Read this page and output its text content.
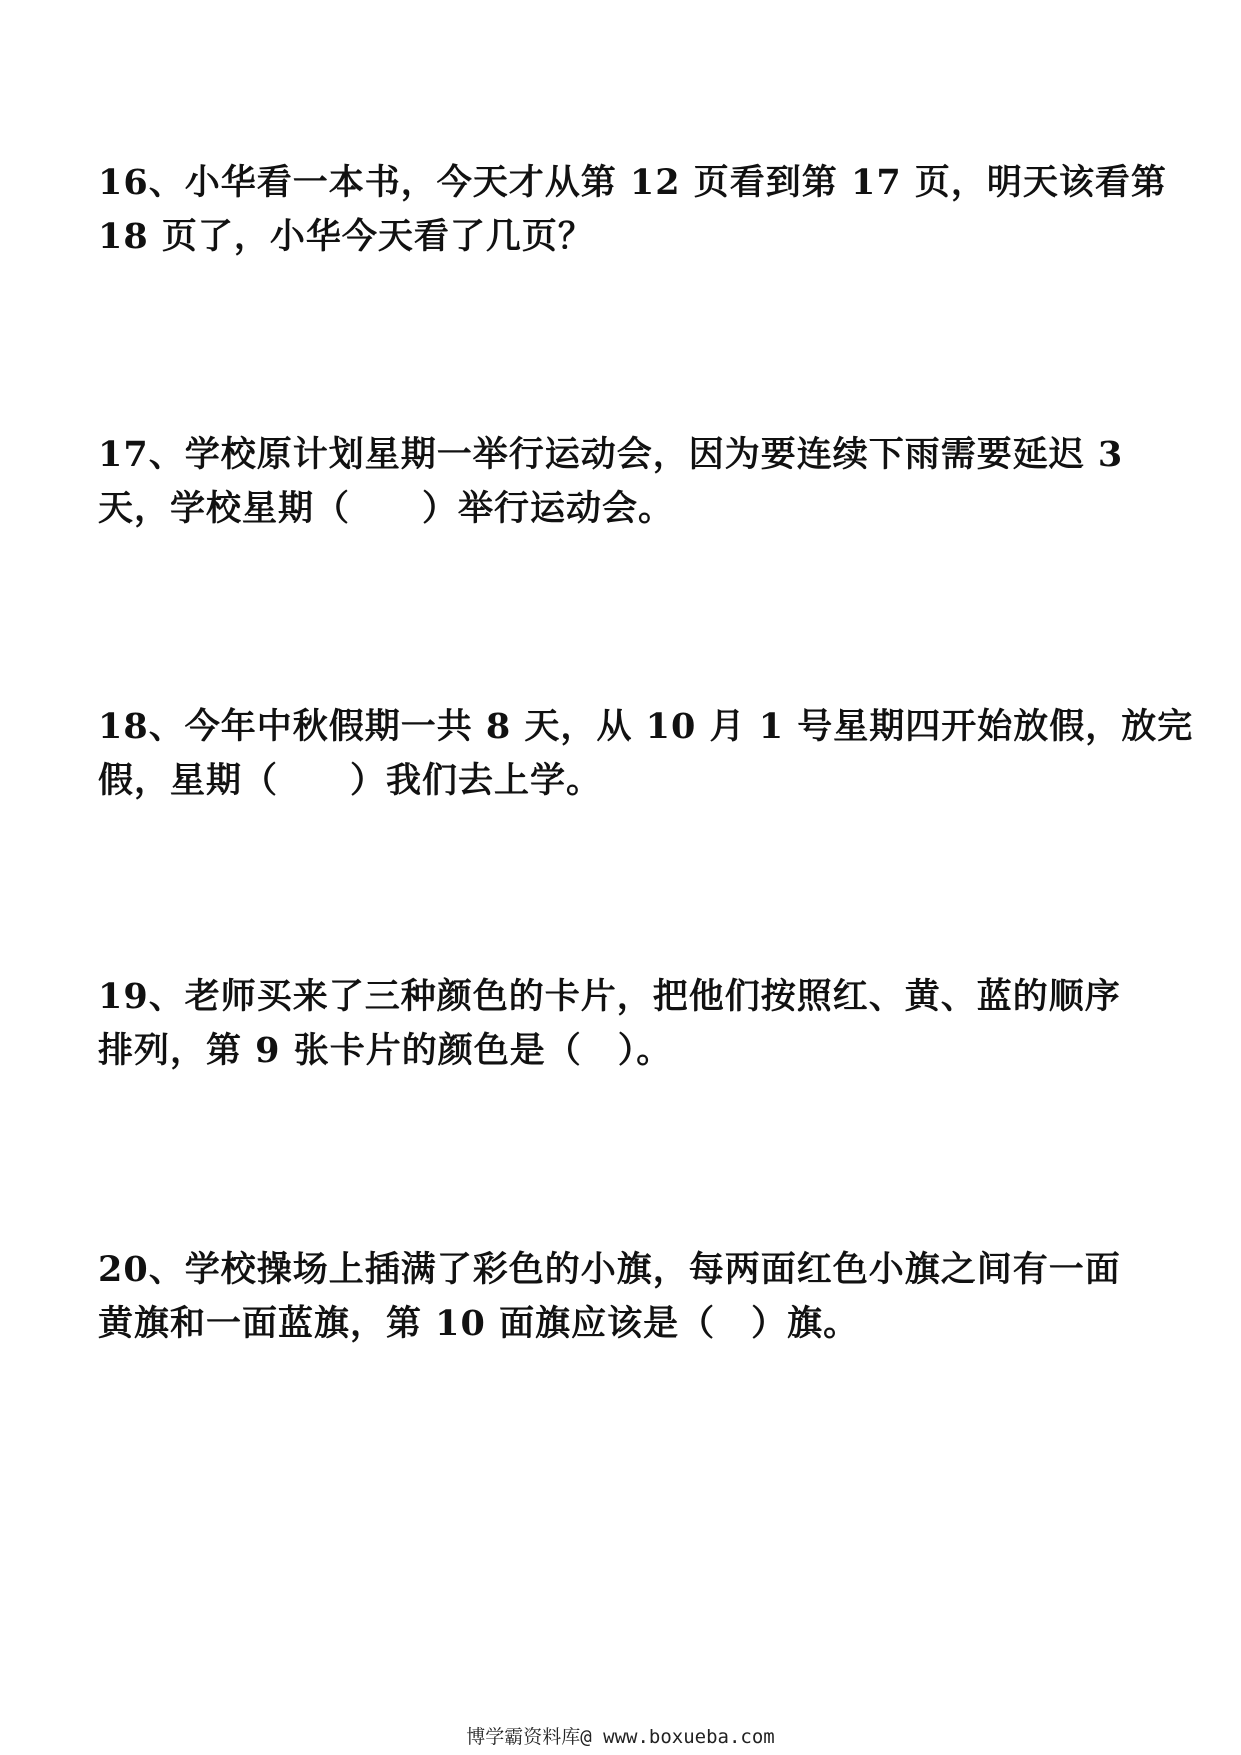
16、小华看一本书，今天才从第 12 页看到第 17 页，明天该看第
18 页了，小华今天看了几页？
17、学校原计划星期一举行运动会，因为要连续下雨需要延迟 3
天，学校星期（　　）举行运动会。
18、今年中秋假期一共 8 天，从 10 月 1 号星期四开始放假，放完
假，星期（　　）我们去上学。
19、老师买来了三种颜色的卡片，把他们按照红、黄、蓝的顺序
排列，第 9 张卡片的颜色是（　）。
20、学校操场上插满了彩色的小旗，每两面红色小旗之间有一面
黄旗和一面蓝旗，第 10 面旗应该是（　）旗。
博学霸资料库@ www.boxueba.com
